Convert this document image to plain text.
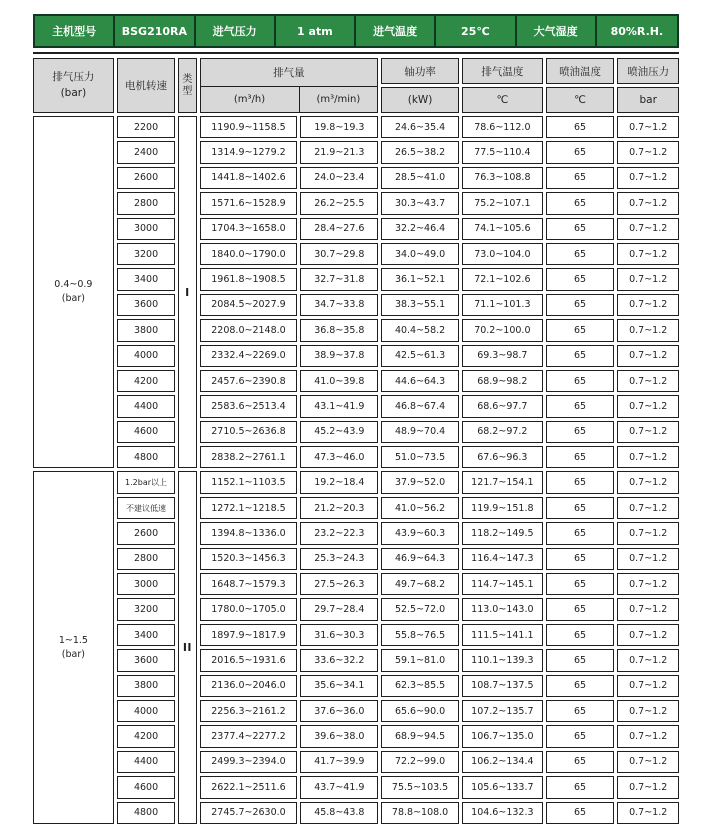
主机型号	BSG210RA	进气压力	1 atm	进气温度	25℃	大气湿度	80%R.H.
排气压力
(bar)
电机转速
类型
排气量
(m³/h)	(m³/min)
轴功率
(kW)
排气温度
℃
喷油温度
℃
喷油压力
bar
0.4~0.9
(bar)	I
2200	1190.9~1158.5	19.8~19.3	24.6~35.4	78.6~112.0	65	0.7~1.2
2400	1314.9~1279.2	21.9~21.3	26.5~38.2	77.5~110.4	65	0.7~1.2
2600	1441.8~1402.6	24.0~23.4	28.5~41.0	76.3~108.8	65	0.7~1.2
2800	1571.6~1528.9	26.2~25.5	30.3~43.7	75.2~107.1	65	0.7~1.2
3000	1704.3~1658.0	28.4~27.6	32.2~46.4	74.1~105.6	65	0.7~1.2
3200	1840.0~1790.0	30.7~29.8	34.0~49.0	73.0~104.0	65	0.7~1.2
3400	1961.8~1908.5	32.7~31.8	36.1~52.1	72.1~102.6	65	0.7~1.2
3600	2084.5~2027.9	34.7~33.8	38.3~55.1	71.1~101.3	65	0.7~1.2
3800	2208.0~2148.0	36.8~35.8	40.4~58.2	70.2~100.0	65	0.7~1.2
4000	2332.4~2269.0	38.9~37.8	42.5~61.3	69.3~98.7	65	0.7~1.2
4200	2457.6~2390.8	41.0~39.8	44.6~64.3	68.9~98.2	65	0.7~1.2
4400	2583.6~2513.4	43.1~41.9	46.8~67.4	68.6~97.7	65	0.7~1.2
4600	2710.5~2636.8	45.2~43.9	48.9~70.4	68.2~97.2	65	0.7~1.2
4800	2838.2~2761.1	47.3~46.0	51.0~73.5	67.6~96.3	65	0.7~1.2
1~1.5
(bar)	II
1.2bar以上	1152.1~1103.5	19.2~18.4	37.9~52.0	121.7~154.1	65	0.7~1.2
不建议低速	1272.1~1218.5	21.2~20.3	41.0~56.2	119.9~151.8	65	0.7~1.2
2600	1394.8~1336.0	23.2~22.3	43.9~60.3	118.2~149.5	65	0.7~1.2
2800	1520.3~1456.3	25.3~24.3	46.9~64.3	116.4~147.3	65	0.7~1.2
3000	1648.7~1579.3	27.5~26.3	49.7~68.2	114.7~145.1	65	0.7~1.2
3200	1780.0~1705.0	29.7~28.4	52.5~72.0	113.0~143.0	65	0.7~1.2
3400	1897.9~1817.9	31.6~30.3	55.8~76.5	111.5~141.1	65	0.7~1.2
3600	2016.5~1931.6	33.6~32.2	59.1~81.0	110.1~139.3	65	0.7~1.2
3800	2136.0~2046.0	35.6~34.1	62.3~85.5	108.7~137.5	65	0.7~1.2
4000	2256.3~2161.2	37.6~36.0	65.6~90.0	107.2~135.7	65	0.7~1.2
4200	2377.4~2277.2	39.6~38.0	68.9~94.5	106.7~135.0	65	0.7~1.2
4400	2499.3~2394.0	41.7~39.9	72.2~99.0	106.2~134.4	65	0.7~1.2
4600	2622.1~2511.6	43.7~41.9	75.5~103.5	105.6~133.7	65	0.7~1.2
4800	2745.7~2630.0	45.8~43.8	78.8~108.0	104.6~132.3	65	0.7~1.2
